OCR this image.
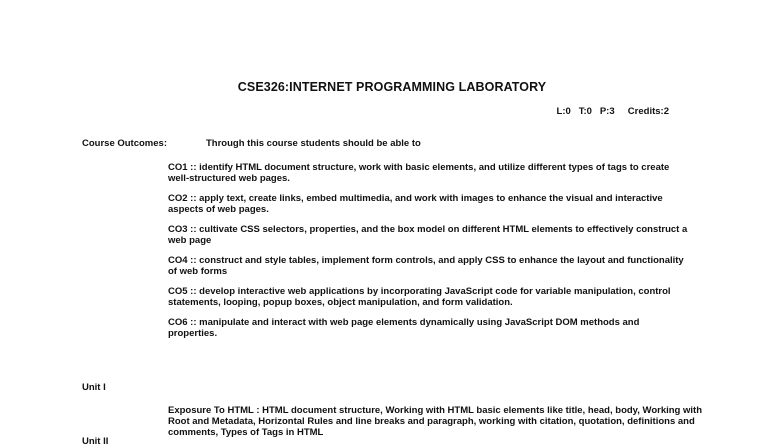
CSE326:INTERNET PROGRAMMING LABORATORY
L:0   T:0   P:3     Credits:2
Course Outcomes:	Through this course students should be able to
CO1 :: identify HTML document structure, work with basic elements, and utilize different types of tags to create well-structured web pages.
CO2 :: apply text, create links, embed multimedia, and work with images to enhance the visual and interactive aspects of web pages.
CO3 :: cultivate CSS selectors, properties, and the box model on different HTML elements to effectively construct a web page
CO4 :: construct and style tables, implement form controls, and apply CSS to enhance the layout and functionality of web forms
CO5 :: develop interactive web applications by incorporating JavaScript code for variable manipulation, control statements, looping, popup boxes, object manipulation, and form validation.
CO6 :: manipulate and interact with web page elements dynamically using JavaScript DOM methods and properties.
Unit I
Exposure To HTML : HTML document structure, Working with HTML basic elements like title, head, body, Working with Root and Metadata, Horizontal Rules and line breaks and paragraph, working with citation, quotation, definitions and comments, Types of Tags in HTML
Unit II
